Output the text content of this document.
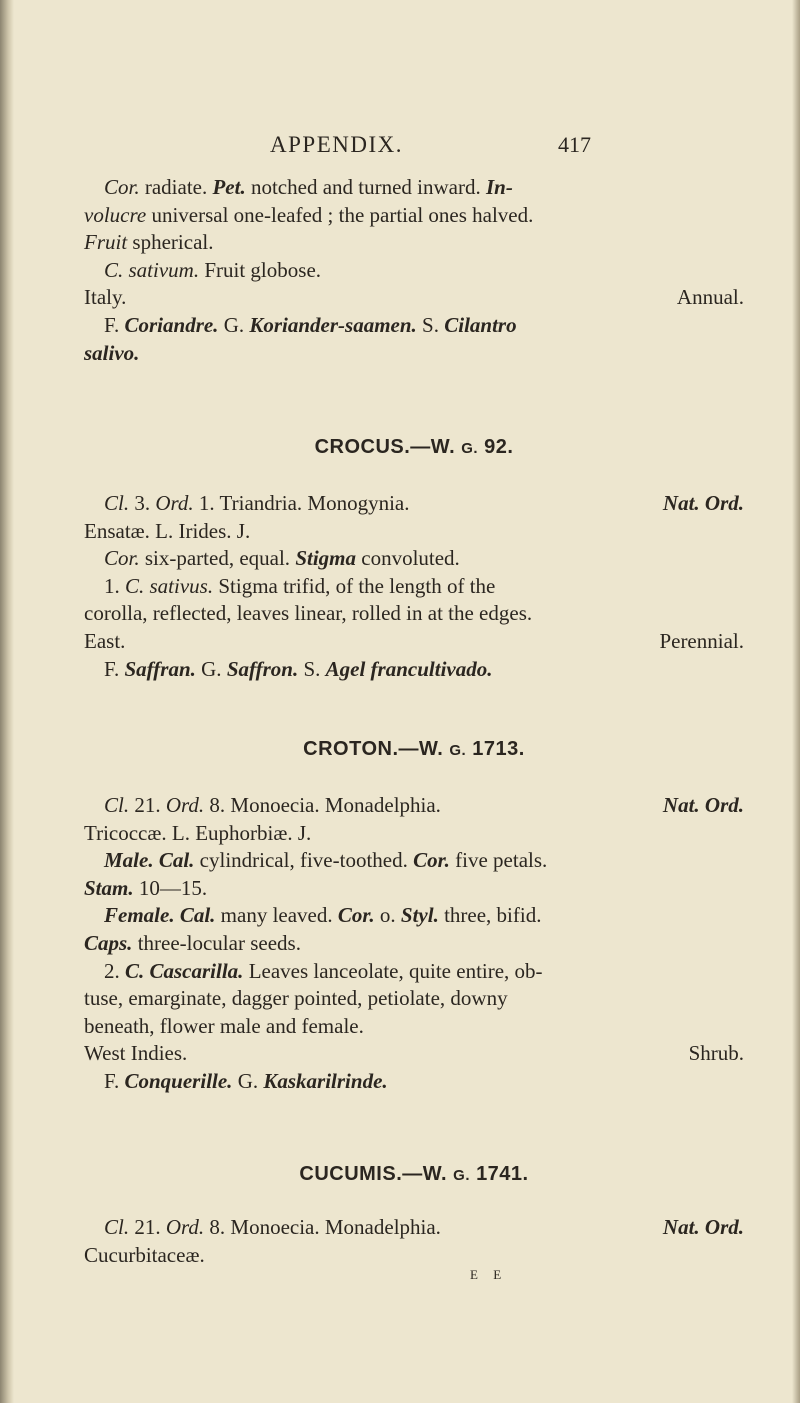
APPENDIX.	417

Cor. radiate. Pet. notched and turned inward. In-

volucre universal one-leafed ; the partial ones halved.

Fruit spherical.

C. sativum. Fruit globose.

Italy.	Annual.

F. Coriandre. G. Koriander-saamen. S. Cilantro

salivo.

CROCUS.—W. G. 92.

Cl. 3. Ord. 1. Triandria. Monogynia.	Nat. Ord.

Ensatæ. L. Irides. J.

Cor. six-parted, equal. Stigma convoluted.

1. C. sativus. Stigma trifid, of the length of the

corolla, reflected, leaves linear, rolled in at the edges.

East.	Perennial.

F. Saffran. G. Saffron. S. Agel francultivado.

CROTON.—W. G. 1713.

Cl. 21. Ord. 8. Monoecia. Monadelphia.	Nat. Ord.

Tricoccæ. L. Euphorbiæ. J.

Male. Cal. cylindrical, five-toothed. Cor. five petals.

Stam. 10—15.

Female. Cal. many leaved. Cor. o. Styl. three, bifid.

Caps. three-locular seeds.

2. C. Cascarilla. Leaves lanceolate, quite entire, ob-

tuse, emarginate, dagger pointed, petiolate, downy

beneath, flower male and female.

West Indies.	Shrub.

F. Conquerille. G. Kaskarilrinde.

CUCUMIS.—W. G. 1741.

Cl. 21. Ord. 8. Monoecia. Monadelphia.	Nat. Ord.

Cucurbitaceæ.

E E
